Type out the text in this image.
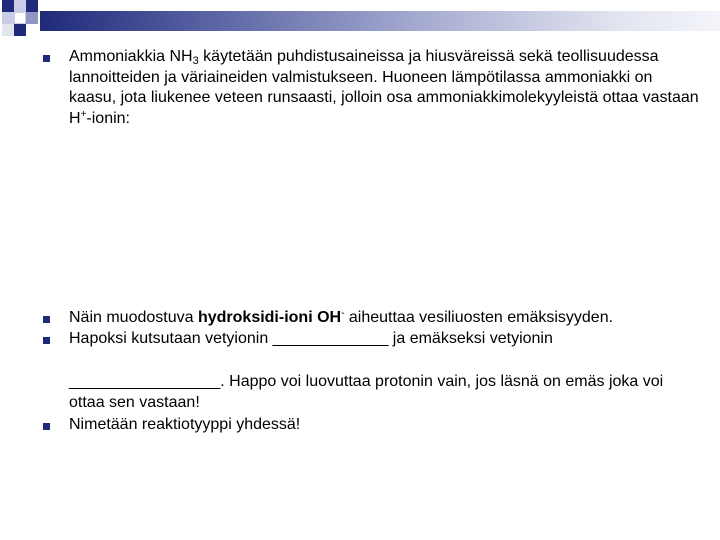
Ammoniakkia $NH_3$ käytetään puhdistusaineissa ja hiusväreissä sekä teollisuudessa lannoitteiden ja väriaineiden valmistukseen. Huoneen lämpötilassa ammoniakki on kaasu, jota liukenee veteen runsaasti, jolloin osa ammoniakkimolekyyleistä ottaa vastaan H+-ionin:
Näin muodostuva hydroksidi-ioni OH- aiheuttaa vesiliuosten emäksisyyden.
Hapoksi kutsutaan vetyionin _____________ ja emäkseksi vetyionin
_________________. Happo voi luovuttaa protonin vain, jos läsnä on emäs joka voi ottaa sen vastaan!
Nimetään reaktiotyyppi yhdessä!
